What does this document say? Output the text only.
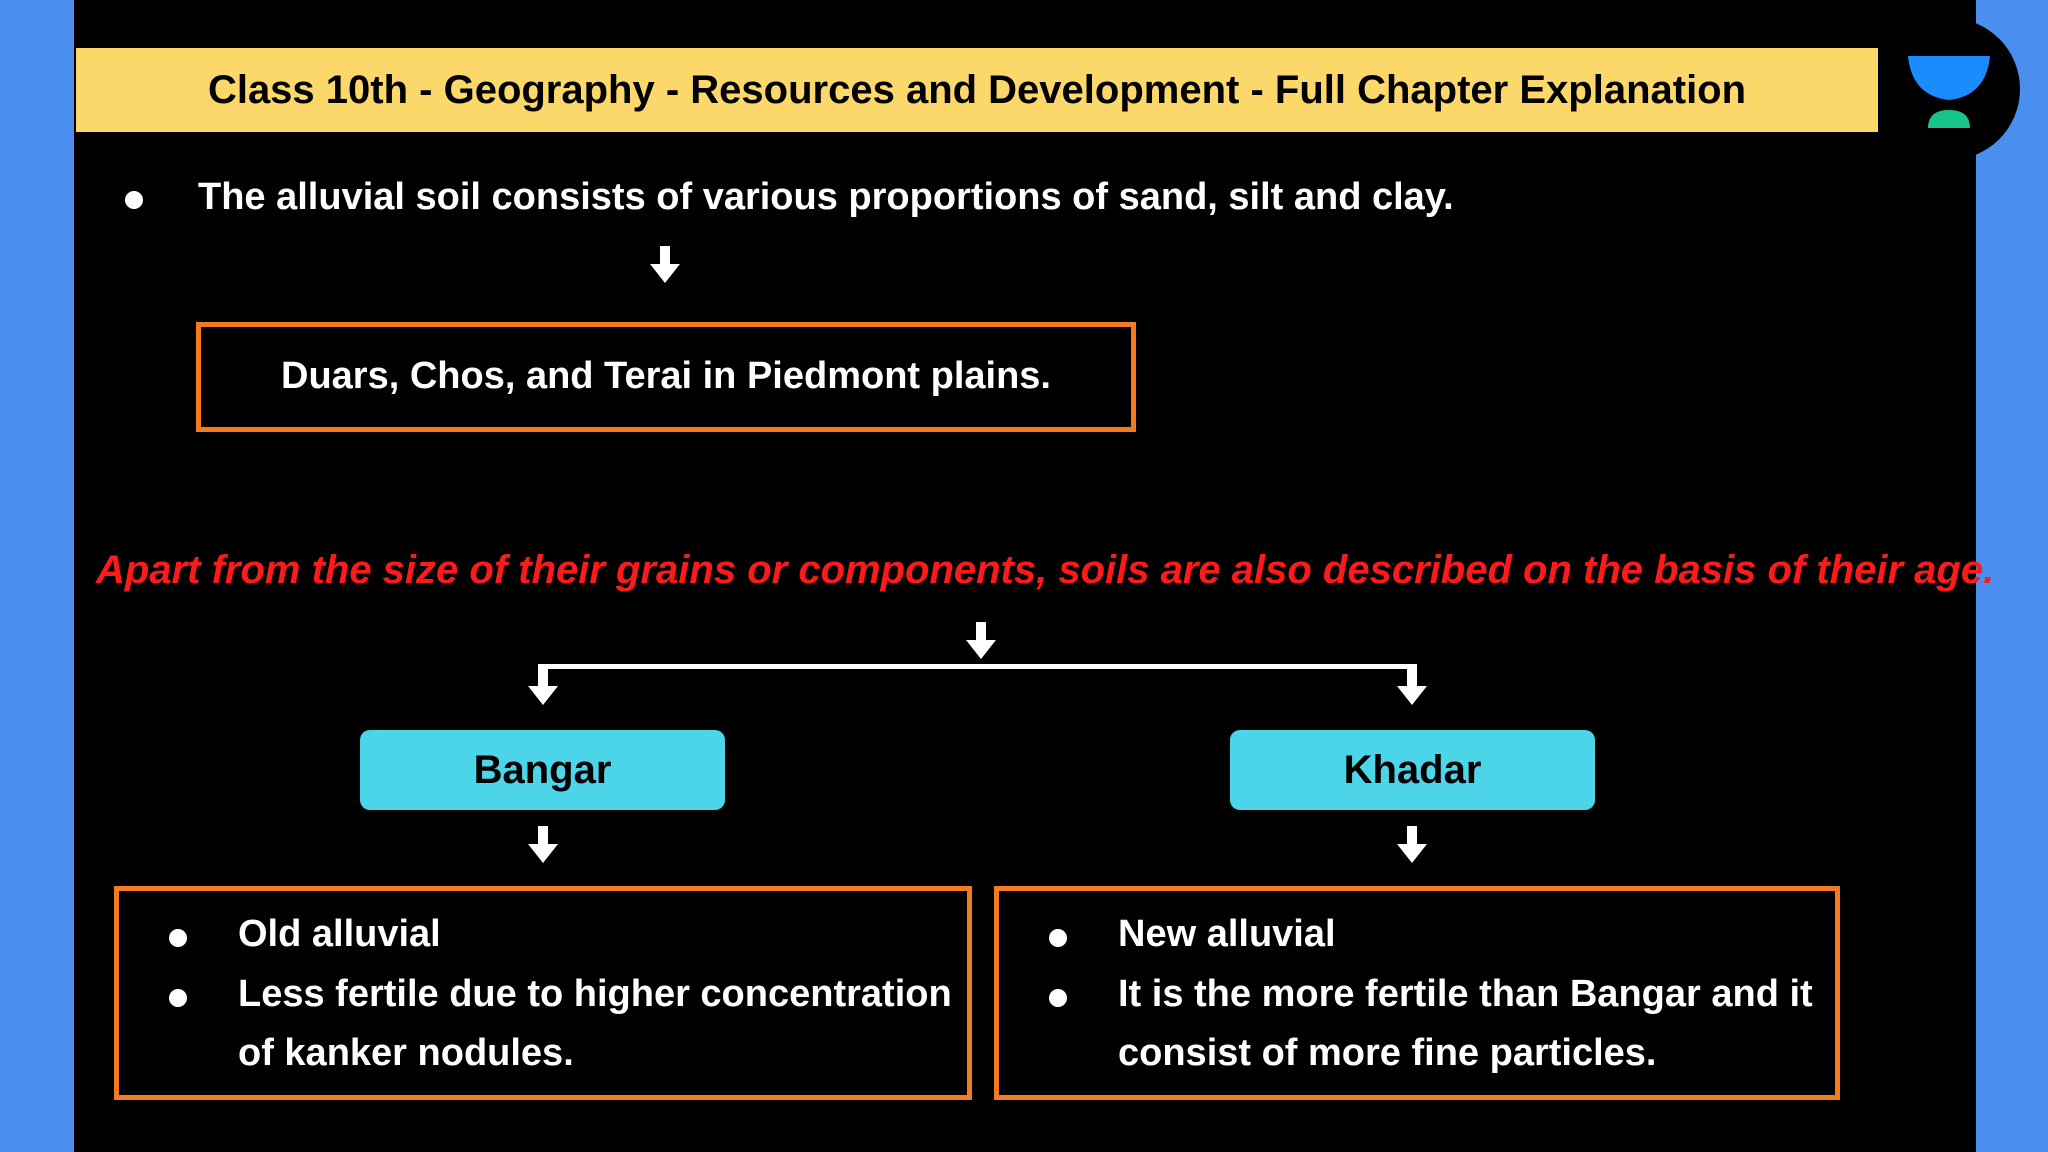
Class 10th - Geography - Resources and Development - Full Chapter Explanation
The alluvial soil consists of various proportions of sand, silt and clay.
Duars, Chos, and Terai in Piedmont plains.
Apart from the size of their grains or components, soils are also described on the basis of their age.
Bangar	Khadar
Old alluvial
Less fertile due to higher concentration
of kanker nodules.
New alluvial
It is the more fertile than Bangar and it
consist of more fine particles.
